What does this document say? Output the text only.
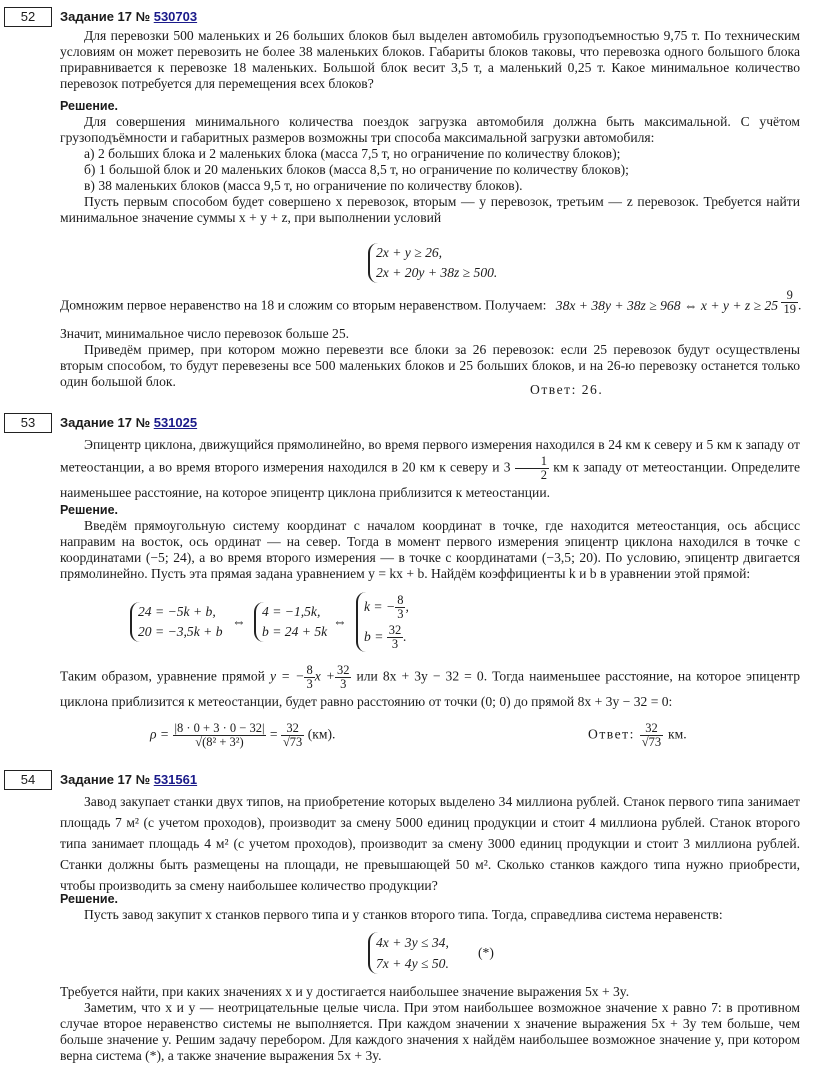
52	Задание 17 № 530703

Для перевозки 500 маленьких и 26 больших блоков был выделен автомобиль грузоподъемностью 9,75 т. По техническим условиям он может перевозить не более 38 маленьких блоков. Габариты блоков таковы, что перевозка одного большого блока приравнивается к перевозке 18 маленьких. Большой блок весит 3,5 т, а маленький 0,25 т. Какое минимальное количество перевозок потребуется для перемещения всех блоков?

Решение.

Для совершения минимального количества поездок загрузка автомобиля должна быть максимальной. С учётом грузоподъёмности и габаритных размеров возможны три способа максимальной загрузки автомобиля:

а) 2 больших блока и 2 маленьких блока (масса 7,5 т, но ограничение по количеству блоков);

б) 1 большой блок и 20 маленьких блоков (масса 8,5 т, но ограничение по количеству блоков);

в) 38 маленьких блоков (масса 9,5 т, но ограничение по количеству блоков).

Пусть первым способом будет совершено x перевозок, вторым — y перевозок, третьим — z перевозок. Требуется найти минимальное значение суммы x + y + z, при выполнении условий

2x + y ≥ 26,
2x + 20y + 38z ≥ 500.
Домножим первое неравенство на 18 и сложим со вторым неравенством. Получаем: 38x + 38y + 38z ≥ 968 ⇔ $x + y + z \ge 25 \frac{9}{19}$ .

Значит, минимальное число перевозок больше 25.

Приведём пример, при котором можно перевезти все блоки за 26 перевозок: если 25 перевозок будут осуществлены вторым способом, то будут перевезены все 500 маленьких блоков и 25 больших блоков, и на 26-ю перевозку останется только один большой блок.

Ответ: 26.
53	Задание 17 № 531025

Эпицентр циклона, движущийся прямолинейно, во время первого измерения находился в 24 км к северу и 5 км к западу от метеостанции, а во время второго измерения находился в 20 км к северу и $3 \frac{1}{2}$ км к западу от метеостанции. Определите наименьшее расстояние, на которое эпицентр циклона приблизится к метеостанции.

Решение.

Введём прямоугольную систему координат с началом координат в точке, где находится метеостанция, ось абсцисс направим на восток, ось ординат — на север. Тогда в момент первого измерения эпицентр циклона находился в точке с координатами (−5; 24), а во время второго измерения — в точке с координатами (−3,5; 20). По условию, эпицентр двигается прямолинейно. Пусть эта прямая задана уравнением y = kx + b. Найдём коэффициенты k и b в уравнении этой прямой:

24 = −5k + b,
20 = −3,5k + b
⇔
4 = −1,5k,
b = 24 + 5k
⇔
k = − $\frac{8}{3}$ ,
$b = \frac{32}{3}$ .

Таким образом, уравнение прямой y = − $\frac{8}{3}$ $x + \frac{32}{3}$ или 8x + 3y − 32 = 0. Тогда наименьшее расстояние, на которое эпицентр циклона приблизится к метеостанции, будет равно расстоянию от точки (0; 0) до прямой 8x + 3y − 32 = 0:

$\rho = \frac{|8 \cdot 0 + 3 \cdot 0 - 32|}{\text{√(8² + 3²)}} = \frac{32}{√73} (км)$.	Ответ: $\frac{32}{√73}$ км.
54	Задание 17 № 531561

Завод закупает станки двух типов, на приобретение которых выделено 34 миллиона рублей. Станок первого типа занимает площадь 7 м² (с учетом проходов), производит за смену 5000 единиц продукции и стоит 4 миллиона рублей. Станок второго типа занимает площадь 4 м² (с учетом проходов), производит за смену 3000 единиц продукции и стоит 3 миллиона рублей. Станки должны быть размещены на площади, не превышающей 50 м². Сколько станков каждого типа нужно приобрести, чтобы производить за смену наибольшее количество продукции?

Решение.

Пусть завод закупит x станков первого типа и y станков второго типа. Тогда, справедлива система неравенств:

4x + 3y ≤ 34,
7x + 4y ≤ 50.
(*)

Требуется найти, при каких значениях x и y достигается наибольшее значение выражения 5x + 3y.

Заметим, что x и y — неотрицательные целые числа. При этом наибольшее возможное значение x равно 7: в противном случае второе неравенство системы не выполняется. При каждом значении x значение выражения 5x + 3y тем больше, чем больше значение y. Решим задачу перебором. Для каждого значения x найдём наибольшее возможное значение y, при котором верна система (*), а также значение выражения 5x + 3y.
